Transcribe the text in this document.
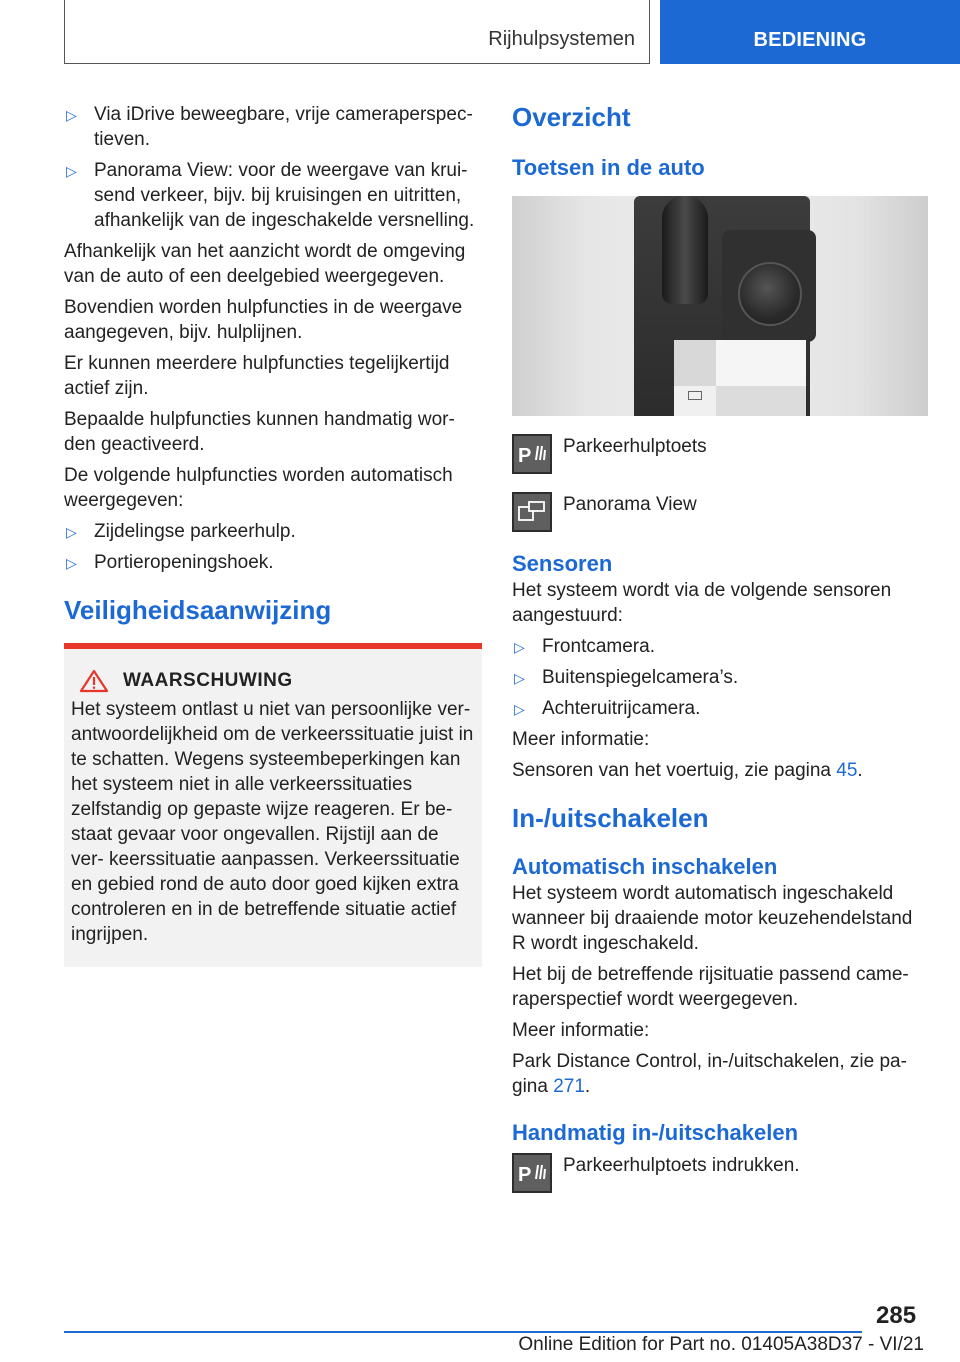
Rijhulpsystemen	BEDIENING
▷ Via iDrive beweegbare, vrije cameraperspec- tieven.
▷ Panorama View: voor de weergave van krui- send verkeer, bijv. bij kruisingen en uitritten, afhankelijk van de ingeschakelde versnelling.

Afhankelijk van het aanzicht wordt de omgeving van de auto of een deelgebied weergegeven.

Bovendien worden hulpfuncties in de weergave aangegeven, bijv. hulplijnen.

Er kunnen meerdere hulpfuncties tegelijkertijd actief zijn.

Bepaalde hulpfuncties kunnen handmatig wor- den geactiveerd.

De volgende hulpfuncties worden automatisch weergegeven:

▷ Zijdelingse parkeerhulp.
▷ Portieropeningshoek.
Veiligheidsaanwijzing
WAARSCHUWING

Het systeem ontlast u niet van persoonlijke ver- antwoordelijkheid om de verkeerssituatie juist in te schatten. Wegens systeembeperkingen kan het systeem niet in alle verkeerssituaties zelfstandig op gepaste wijze reageren. Er be- staat gevaar voor ongevallen. Rijstijl aan de ver- keerssituatie aanpassen. Verkeerssituatie en gebied rond de auto door goed kijken extra controleren en in de betreffende situatie actief ingrijpen.

Overzicht
Toetsen in de auto
P Parkeerhulptoets
Panorama View
Sensoren

Het systeem wordt via de volgende sensoren aangestuurd:

▷ Frontcamera.
▷ Buitenspiegelcamera’s.
▷ Achteruitrijcamera.

Meer informatie:

Sensoren van het voertuig, zie pagina 45.

In-/uitschakelen
Automatisch inschakelen

Het systeem wordt automatisch ingeschakeld wanneer bij draaiende motor keuzehendelstand R wordt ingeschakeld.

Het bij de betreffende rijsituatie passend came- raperspectief wordt weergegeven.

Meer informatie:

Park Distance Control, in-/uitschakelen, zie pa- gina 271.

Handmatig in-/uitschakelen
P Parkeerhulptoets indrukken.
285
Online Edition for Part no. 01405A38D37 - VI/21
